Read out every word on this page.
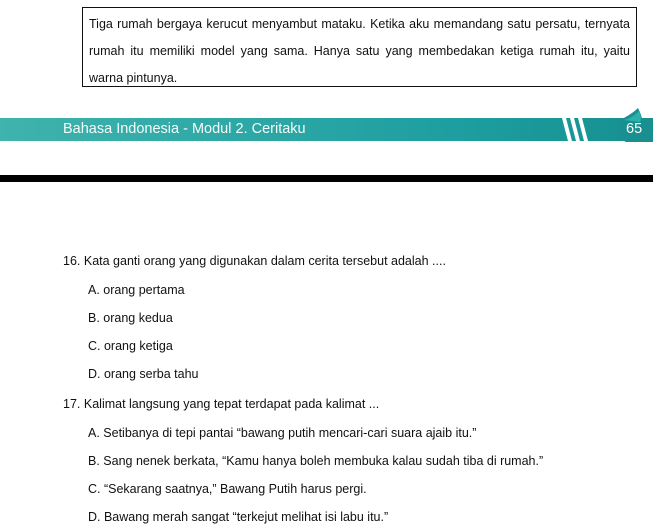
Tiga rumah bergaya kerucut menyambut mataku. Ketika aku memandang satu persatu, ternyata rumah itu memiliki model yang sama. Hanya satu yang membedakan ketiga rumah itu, yaitu warna pintunya.

Bahasa Indonesia - Modul 2. Ceritaku	65
16. Kata ganti orang yang digunakan dalam cerita tersebut adalah ....
A. orang pertama
B. orang kedua
C. orang ketiga
D. orang serba tahu
17. Kalimat langsung yang tepat terdapat pada kalimat ...
A. Setibanya di tepi pantai “bawang putih mencari-cari suara ajaib itu.”
B. Sang nenek berkata, “Kamu hanya boleh membuka kalau sudah tiba di rumah.”
C. “Sekarang saatnya,” Bawang Putih harus pergi.
D. Bawang merah sangat “terkejut melihat isi labu itu.”
